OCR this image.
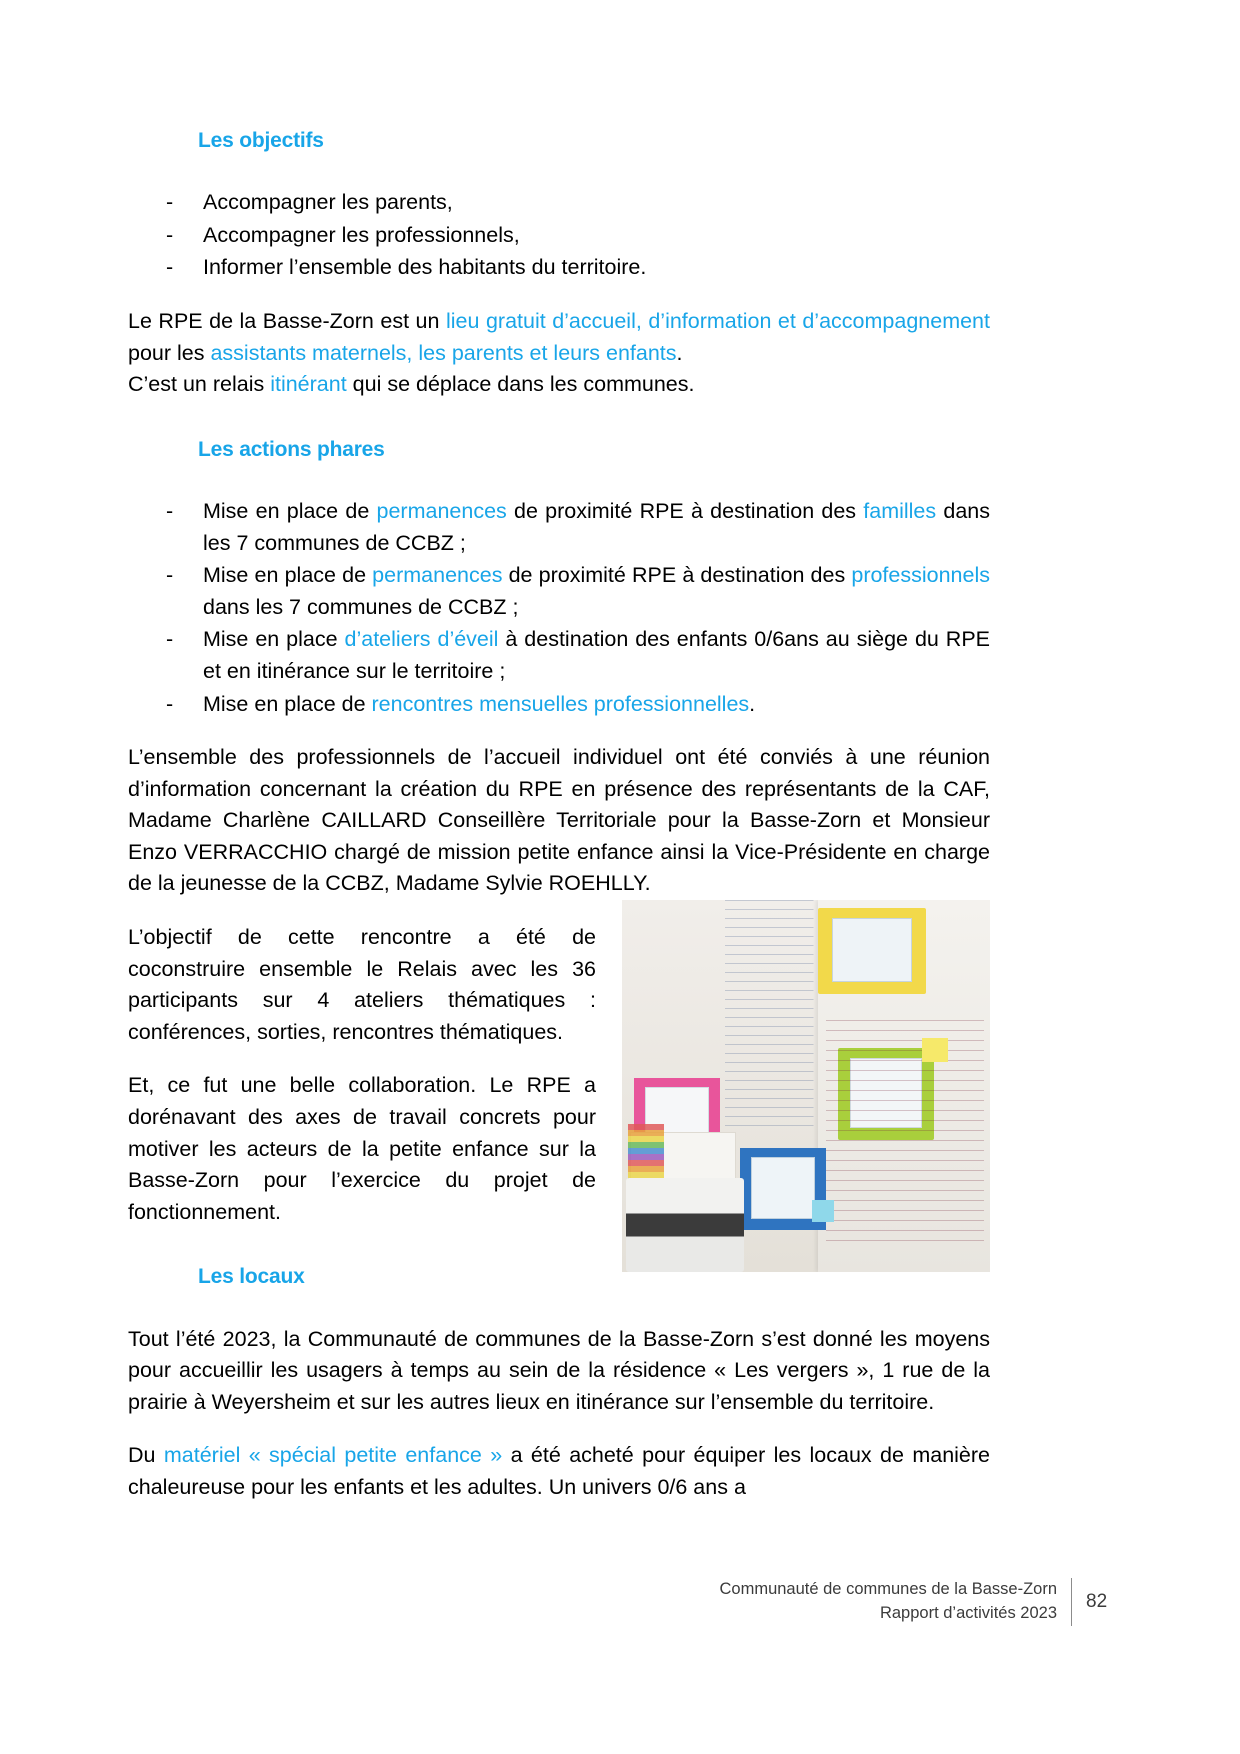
Les objectifs
- Accompagner les parents,
- Accompagner les professionnels,
- Informer l’ensemble des habitants du territoire.

Le RPE de la Basse-Zorn est un lieu gratuit d’accueil, d’information et d’accompagnement pour les assistants maternels, les parents et leurs enfants.

C’est un relais itinérant qui se déplace dans les communes.

Les actions phares
- Mise en place de permanences de proximité RPE à destination des familles dans les 7 communes de CCBZ ;
- Mise en place de permanences de proximité RPE à destination des professionnels dans les 7 communes de CCBZ ;
- Mise en place d’ateliers d’éveil à destination des enfants 0/6ans au siège du RPE et en itinérance sur le territoire ;
- Mise en place de rencontres mensuelles professionnelles.

L’ensemble des professionnels de l’accueil individuel ont été conviés à une réunion d’information concernant la création du RPE en présence des représentants de la CAF, Madame Charlène CAILLARD Conseillère Territoriale pour la Basse-Zorn et Monsieur Enzo VERRACCHIO chargé de mission petite enfance ainsi la Vice-Présidente en charge de la jeunesse de la CCBZ, Madame Sylvie ROEHLLY.

L’objectif de cette rencontre a été de coconstruire ensemble le Relais avec les 36 participants sur 4 ateliers thématiques : conférences, sorties, rencontres thématiques.

Et, ce fut une belle collaboration. Le RPE a dorénavant des axes de travail concrets pour motiver les acteurs de la petite enfance sur la Basse-Zorn pour l’exercice du projet de fonctionnement.

Les locaux

Tout l’été 2023, la Communauté de communes de la Basse-Zorn s’est donné les moyens pour accueillir les usagers à temps au sein de la résidence « Les vergers », 1 rue de la prairie à Weyersheim et sur les autres lieux en itinérance sur l’ensemble du territoire.

Du matériel « spécial petite enfance » a été acheté pour équiper les locaux de manière chaleureuse pour les enfants et les adultes. Un univers 0/6 ans a

Communauté de communes de la Basse-Zorn
Rapport d’activités 2023
82
